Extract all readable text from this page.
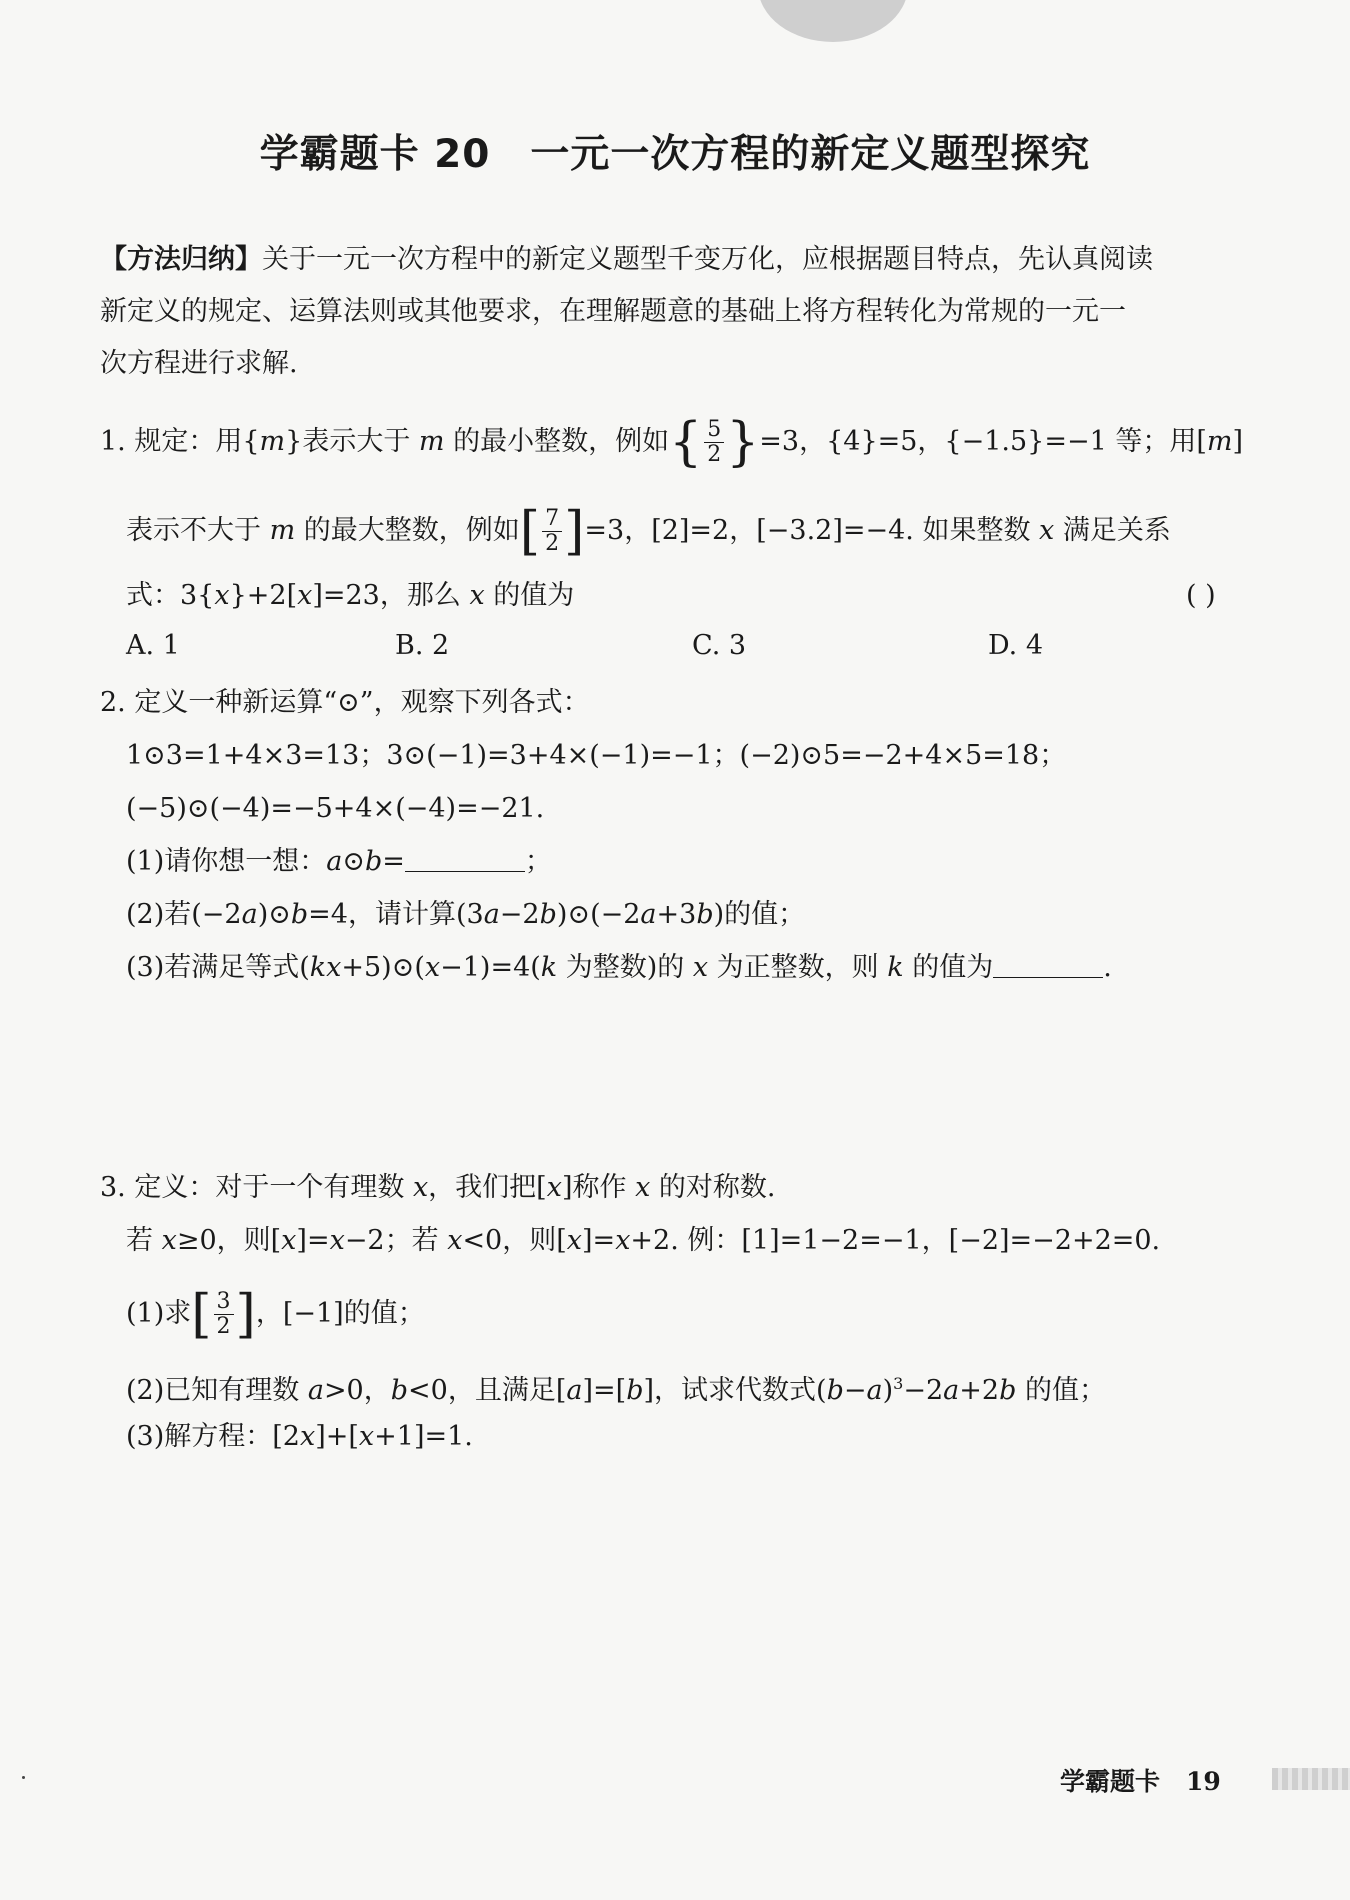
学霸题卡 20 一元一次方程的新定义题型探究
【方法归纳】关于一元一次方程中的新定义题型千变万化，应根据题目特点，先认真阅读
新定义的规定、运算法则或其他要求，在理解题意的基础上将方程转化为常规的一元一
次方程进行求解.
1. 规定：用{m}表示大于 m 的最小整数，例如{ $\frac{5}{2} \}=3$，{4}=5，{−1.5}=−1 等；用[m]
表示不大于 m 的最大整数，例如[ $\frac{7}{2} ]=3$，[2]=2，[−3.2]=−4. 如果整数 x 满足关系
式：3{x}+2[x]=23，那么 x 的值为	( )
A. 1	B. 2	C. 3	D. 4
2. 定义一种新运算“⊙”，观察下列各式：
1⊙3=1+4×3=13；3⊙(−1)=3+4×(−1)=−1；(−2)⊙5=−2+4×5=18；
(−5)⊙(−4)=−5+4×(−4)=−21.
(1)请你想一想：a⊙b=	；
(2)若(−2a)⊙b=4，请计算(3a−2b)⊙(−2a+3b)的值；
(3)若满足等式(kx+5)⊙(x−1)=4(k 为整数)的 x 为正整数，则 k 的值为	.
3. 定义：对于一个有理数 x，我们把[x]称作 x 的对称数.
若 x≥0，则[x]=x−2；若 x<0，则[x]=x+2. 例：[1]=1−2=−1，[−2]=−2+2=0.
(1)求[ $\frac{3}{2}$ ]，[−1]的值；
(2)已知有理数 a>0，b<0，且满足[a]=[b]，试求代数式$(b-a)^3-2a+2b$ 的值；
(3)解方程：[2x]+[x+1]=1.
学霸题卡 19
